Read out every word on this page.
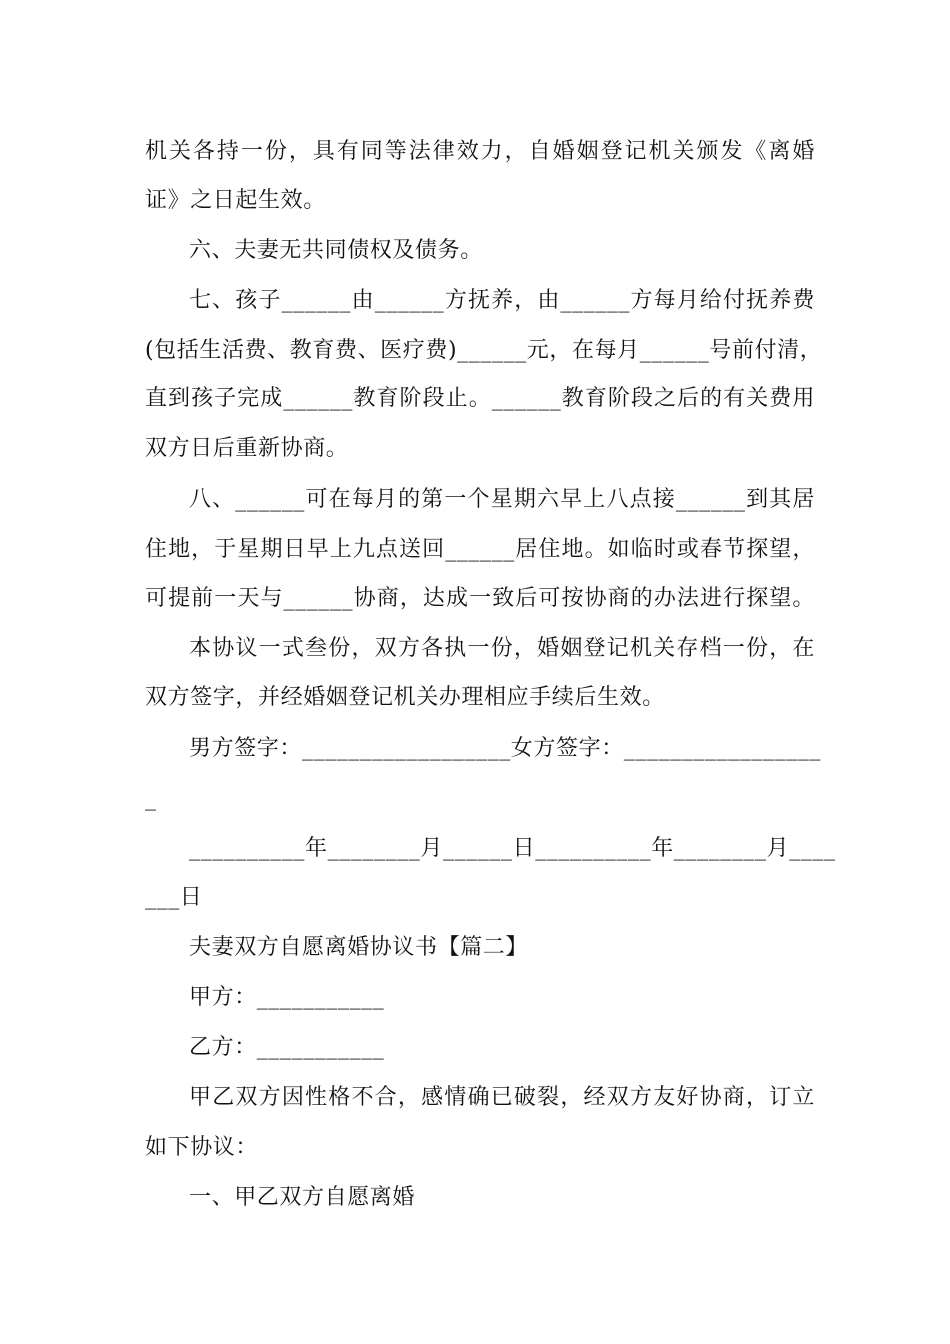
机关各持一份，具有同等法律效力，自婚姻登记机关颁发《离婚
证》之日起生效。
六、夫妻无共同债权及债务。
七、孩子______由______方抚养，由______方每月给付抚养费
(包括生活费、教育费、医疗费)______元，在每月______号前付清，
直到孩子完成______教育阶段止。______教育阶段之后的有关费用
双方日后重新协商。
八、______可在每月的第一个星期六早上八点接______到其居
住地，于星期日早上九点送回______居住地。如临时或春节探望，
可提前一天与______协商，达成一致后可按协商的办法进行探望。
本协议一式叁份，双方各执一份，婚姻登记机关存档一份，在
双方签字，并经婚姻登记机关办理相应手续后生效。
男方签字：__________________女方签字：_________________
_
__________年________月______日__________年________月____
___日
夫妻双方自愿离婚协议书【篇二】
甲方：___________
乙方：___________
甲乙双方因性格不合，感情确已破裂，经双方友好协商，订立
如下协议：
一、甲乙双方自愿离婚
